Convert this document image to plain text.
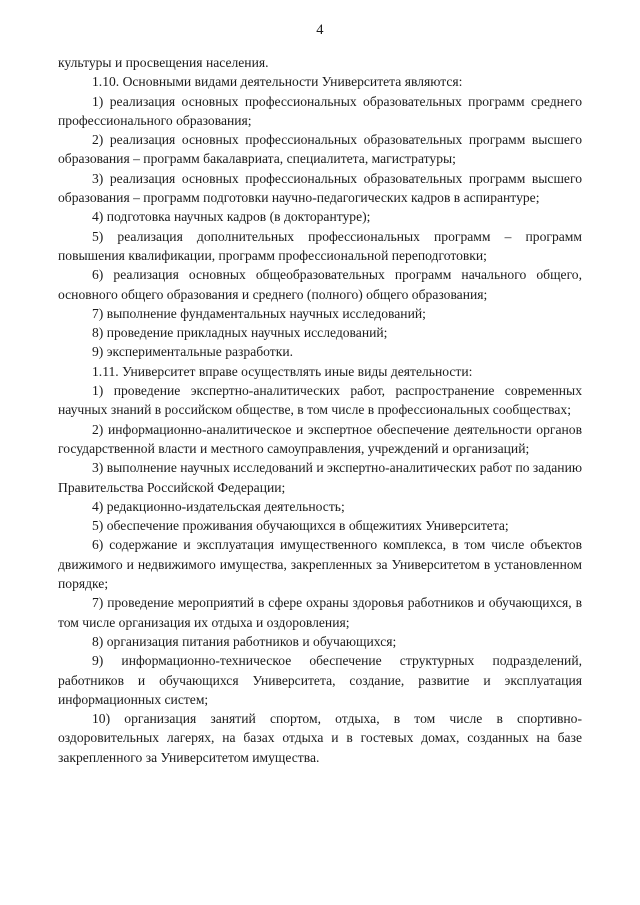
4

культуры и просвещения населения.

1.10. Основными видами деятельности Университета являются:

1) реализация основных профессиональных образовательных программ среднего профессионального образования;

2) реализация основных профессиональных образовательных программ высшего образования – программ бакалавриата, специалитета, магистратуры;

3) реализация основных профессиональных образовательных программ высшего образования – программ подготовки научно-педагогических кадров в аспирантуре;

4) подготовка научных кадров (в докторантуре);

5) реализация дополнительных профессиональных программ – программ повышения квалификации, программ профессиональной переподготовки;

6) реализация основных общеобразовательных программ начального общего, основного общего образования и среднего (полного) общего образования;

7) выполнение фундаментальных научных исследований;

8) проведение прикладных научных исследований;

9) экспериментальные разработки.

1.11. Университет вправе осуществлять иные виды деятельности:

1) проведение экспертно-аналитических работ, распространение современных научных знаний в российском обществе, в том числе в профессиональных сообществах;

2) информационно-аналитическое и экспертное обеспечение деятельности органов государственной власти и местного самоуправления, учреждений и организаций;

3) выполнение научных исследований и экспертно-аналитических работ по заданию Правительства Российской Федерации;

4) редакционно-издательская деятельность;

5) обеспечение проживания обучающихся в общежитиях Университета;

6) содержание и эксплуатация имущественного комплекса, в том числе объектов движимого и недвижимого имущества, закрепленных за Университетом в установленном порядке;

7) проведение мероприятий в сфере охраны здоровья работников и обучающихся, в том числе организация их отдыха и оздоровления;

8) организация питания работников и обучающихся;

9) информационно-техническое обеспечение структурных подразделений, работников и обучающихся Университета, создание, развитие и эксплуатация информационных систем;

10) организация занятий спортом, отдыха, в том числе в спортивно-оздоровительных лагерях, на базах отдыха и в гостевых домах, созданных на базе закрепленного за Университетом имущества.
